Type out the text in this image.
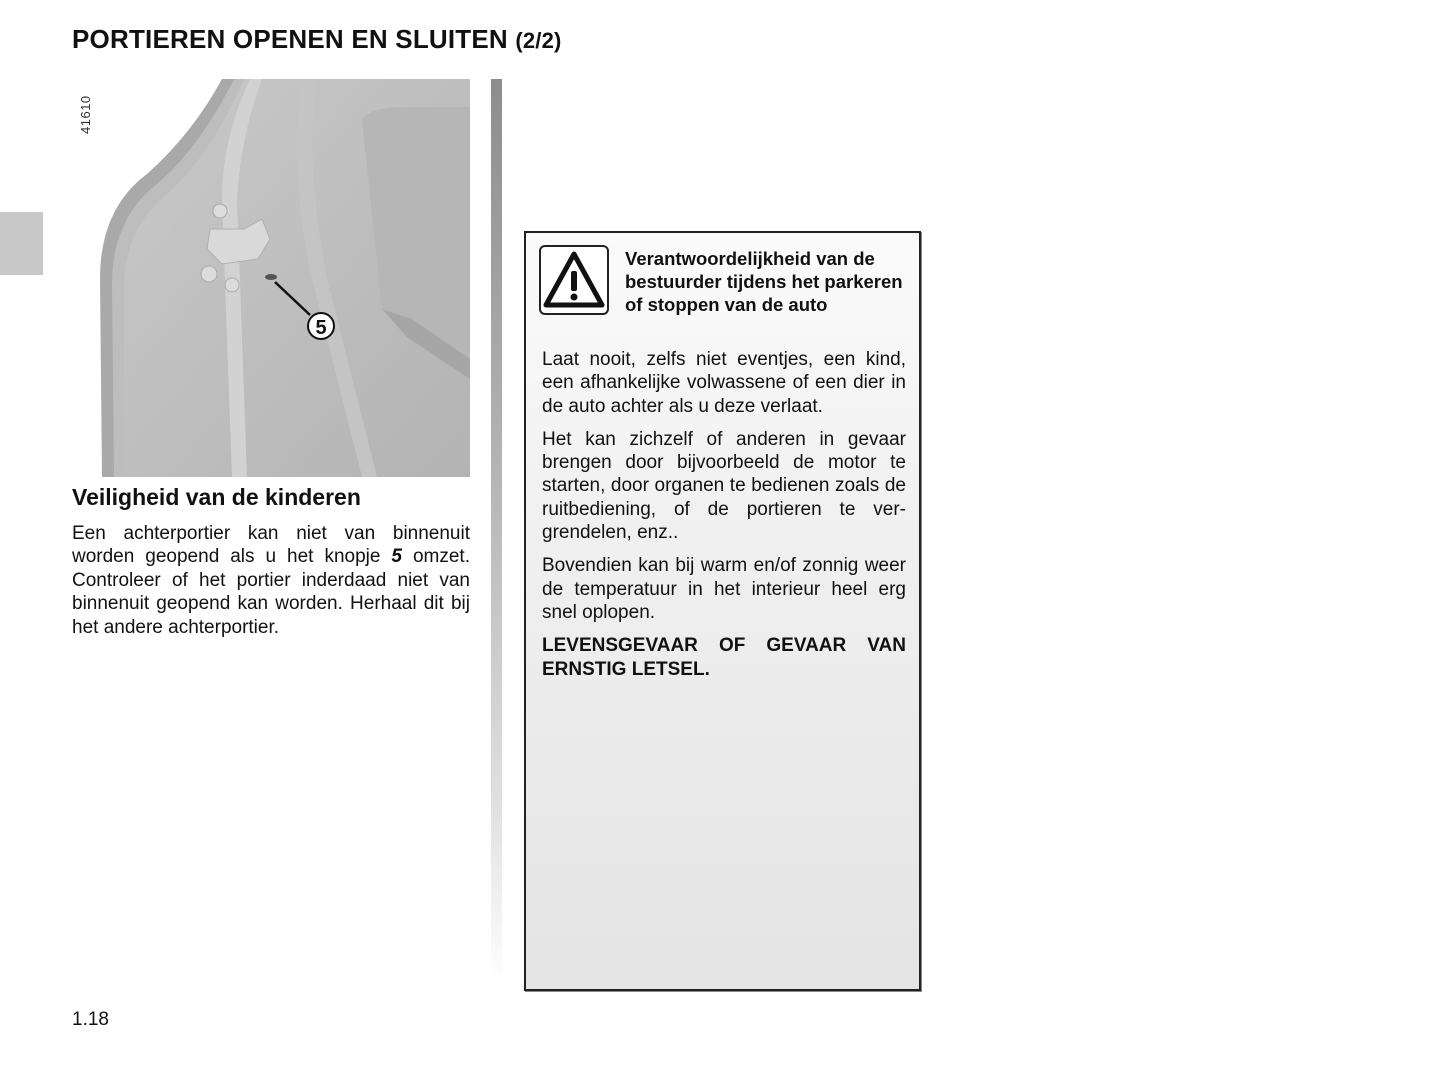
PORTIEREN OPENEN EN SLUITEN (2/2)
5
41610
Veiligheid van de kinderen

Een achterportier kan niet van binnenuit worden geopend als u het knopje 5 omzet. Controleer of het portier inderdaad niet van binnenuit geopend kan worden. Herhaal dit bij het andere achterportier.

Verantwoordelijkheid van de bestuurder tijdens het parkeren of stoppen van de auto

Laat nooit, zelfs niet eventjes, een kind, een afhankelijke volwassene of een dier in de auto achter als u deze verlaat.

Het kan zichzelf of anderen in gevaar brengen door bijvoorbeeld de motor te starten, door organen te bedienen zoals de ruitbediening, of de portieren te ver-grendelen, enz..

Bovendien kan bij warm en/of zonnig weer de temperatuur in het interieur heel erg snel oplopen.

LEVENSGEVAAR OF GEVAAR VAN ERNSTIG LETSEL.

1.18
